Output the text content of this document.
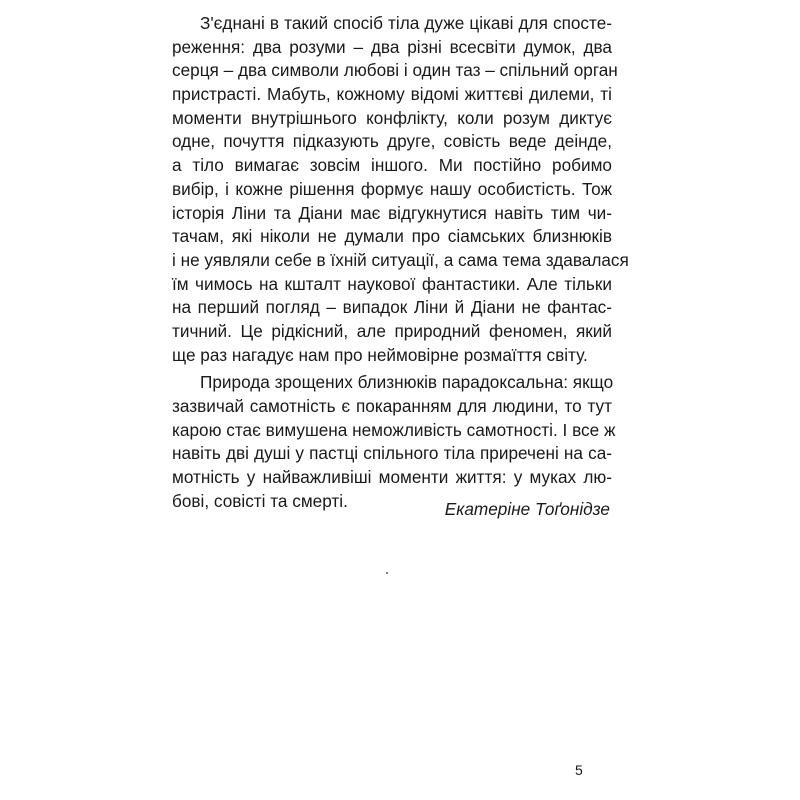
З'єднані в такий спосіб тіла дуже цікаві для спосте-
реження: два розуми – два різні всесвіти думок, два
серця – два символи любові і один таз – спільний орган
пристрасті. Мабуть, кожному відомі життєві дилеми, ті
моменти внутрішнього конфлікту, коли розум диктує
одне, почуття підказують друге, совість веде деінде,
а тіло вимагає зовсім іншого. Ми постійно робимо
вибір, і кожне рішення формує нашу особистість. Тож
історія Ліни та Діани має відгукнутися навіть тим чи-
тачам, які ніколи не думали про сіамських близнюків
і не уявляли себе в їхній ситуації, а сама тема здавалася
їм чимось на кшталт наукової фантастики. Але тільки
на перший погляд – випадок Ліни й Діани не фантас-
тичний. Це рідкісний, але природний феномен, який
ще раз нагадує нам про неймовірне розмаїття світу.
Природа зрощених близнюків парадоксальна: якщо
зазвичай самотність є покаранням для людини, то тут
карою стає вимушена неможливість самотності. І все ж
навіть дві душі у пастці спільного тіла приречені на са-
мотність у найважливіші моменти життя: у муках лю-
бові, совісті та смерті.	Екатеріне Тоґонідзе
5
